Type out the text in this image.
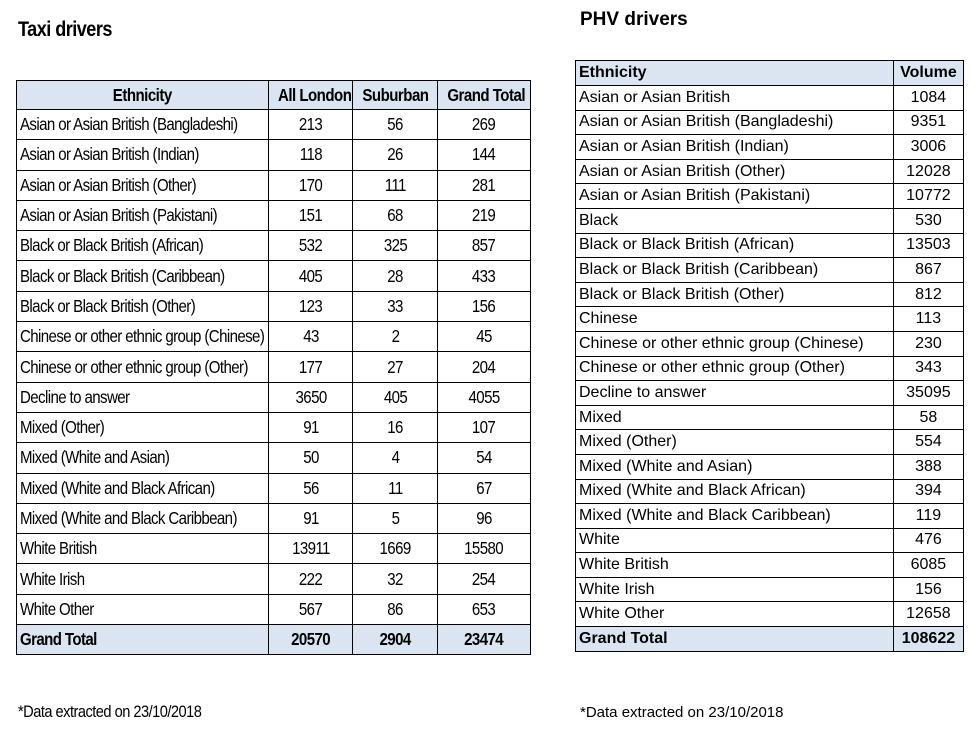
Taxi drivers	PHV drivers
Ethnicity	All London	Suburban	Grand Total
Asian or Asian British (Bangladeshi)	213	56	269
Asian or Asian British (Indian)	118	26	144
Asian or Asian British (Other)	170	111	281
Asian or Asian British (Pakistani)	151	68	219
Black or Black British (African)	532	325	857
Black or Black British (Caribbean)	405	28	433
Black or Black British (Other)	123	33	156
Chinese or other ethnic group (Chinese)	43	2	45
Chinese or other ethnic group (Other)	177	27	204
Decline to answer	3650	405	4055
Mixed (Other)	91	16	107
Mixed (White and Asian)	50	4	54
Mixed (White and Black African)	56	11	67
Mixed (White and Black Caribbean)	91	5	96
White British	13911	1669	15580
White Irish	222	32	254
White Other	567	86	653
Grand Total	20570	2904	23474
Ethnicity	Volume
Asian or Asian British	1084
Asian or Asian British (Bangladeshi)	9351
Asian or Asian British (Indian)	3006
Asian or Asian British (Other)	12028
Asian or Asian British (Pakistani)	10772
Black	530
Black or Black British (African)	13503
Black or Black British (Caribbean)	867
Black or Black British (Other)	812
Chinese	113
Chinese or other ethnic group (Chinese)	230
Chinese or other ethnic group (Other)	343
Decline to answer	35095
Mixed	58
Mixed (Other)	554
Mixed (White and Asian)	388
Mixed (White and Black African)	394
Mixed (White and Black Caribbean)	119
White	476
White British	6085
White Irish	156
White Other	12658
Grand Total	108622
*Data extracted on 23/10/2018	*Data extracted on 23/10/2018
